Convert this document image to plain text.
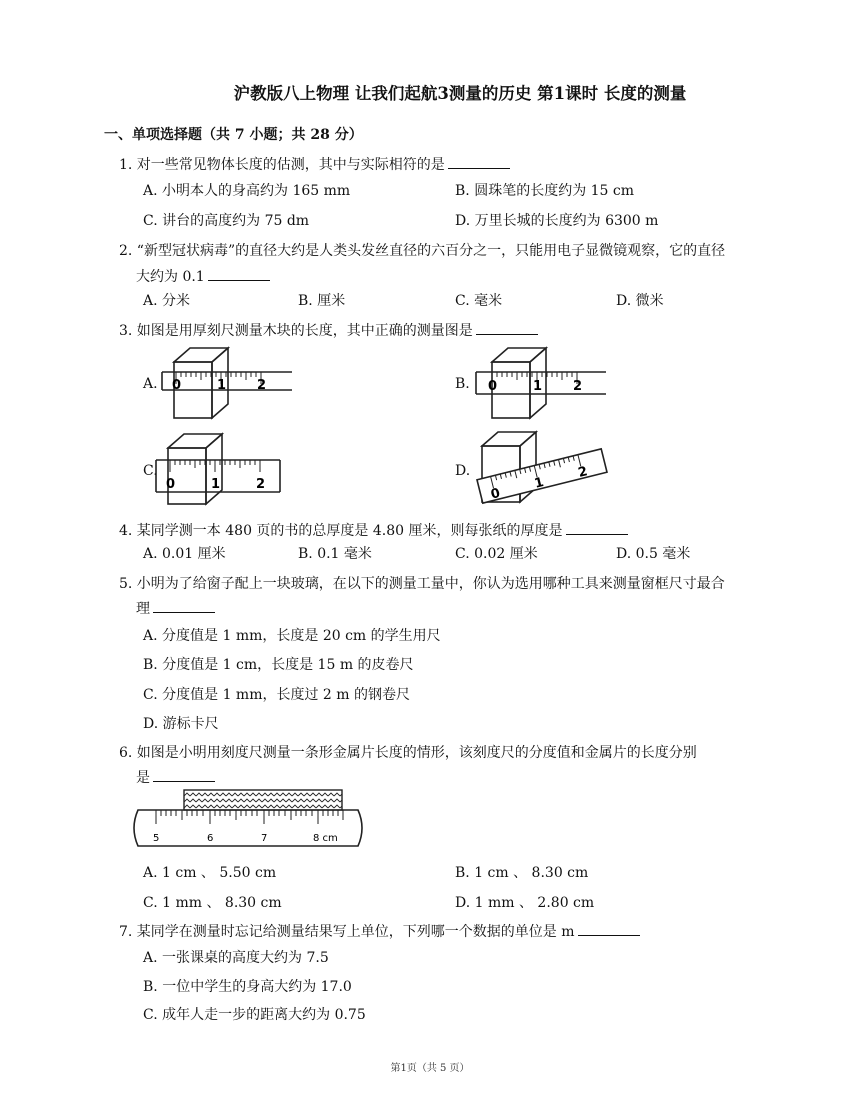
沪教版八上物理 让我们起航3测量的历史 第1课时 长度的测量
一、单项选择题（共 7 小题；共 28 分）
1. 对一些常见物体长度的估测，其中与实际相符的是
A. 小明本人的身高约为 165 mm	B. 圆珠笔的长度约为 15 cm
C. 讲台的高度约为 75 dm	D. 万里长城的长度约为 6300 m
2. “新型冠状病毒”的直径大约是人类头发丝直径的六百分之一，只能用电子显微镜观察，它的直径
大约为 0.1
A. 分米	B. 厘米	C. 毫米	D. 微米
3. 如图是用厚刻尺测量木块的长度，其中正确的测量图是
A.	B.
C.	D.
0	1 2	0	1 2
0	1	2
0
1
2
4. 某同学测一本 480 页的书的总厚度是 4.80 厘米，则每张纸的厚度是
A. 0.01 厘米	B. 0.1 毫米	C. 0.02 厘米	D. 0.5 毫米
5. 小明为了给窗子配上一块玻璃，在以下的测量工量中，你认为选用哪种工具来测量窗框尺寸最合
理
A. 分度值是 1 mm，长度是 20 cm 的学生用尺
B. 分度值是 1 cm，长度是 15 m 的皮卷尺
C. 分度值是 1 mm，长度过 2 m 的钢卷尺
D. 游标卡尺
6. 如图是小明用刻度尺测量一条形金属片长度的情形，该刻度尺的分度值和金属片的长度分别
是
5	6	7	8 cm
A. 1 cm 、 5.50 cm	B. 1 cm 、 8.30 cm
C. 1 mm 、 8.30 cm	D. 1 mm 、 2.80 cm
7. 某同学在测量时忘记给测量结果写上单位，下列哪一个数据的单位是 m
A. 一张课桌的高度大约为 7.5
B. 一位中学生的身高大约为 17.0
C. 成年人走一步的距离大约为 0.75
第1页（共 5 页）
